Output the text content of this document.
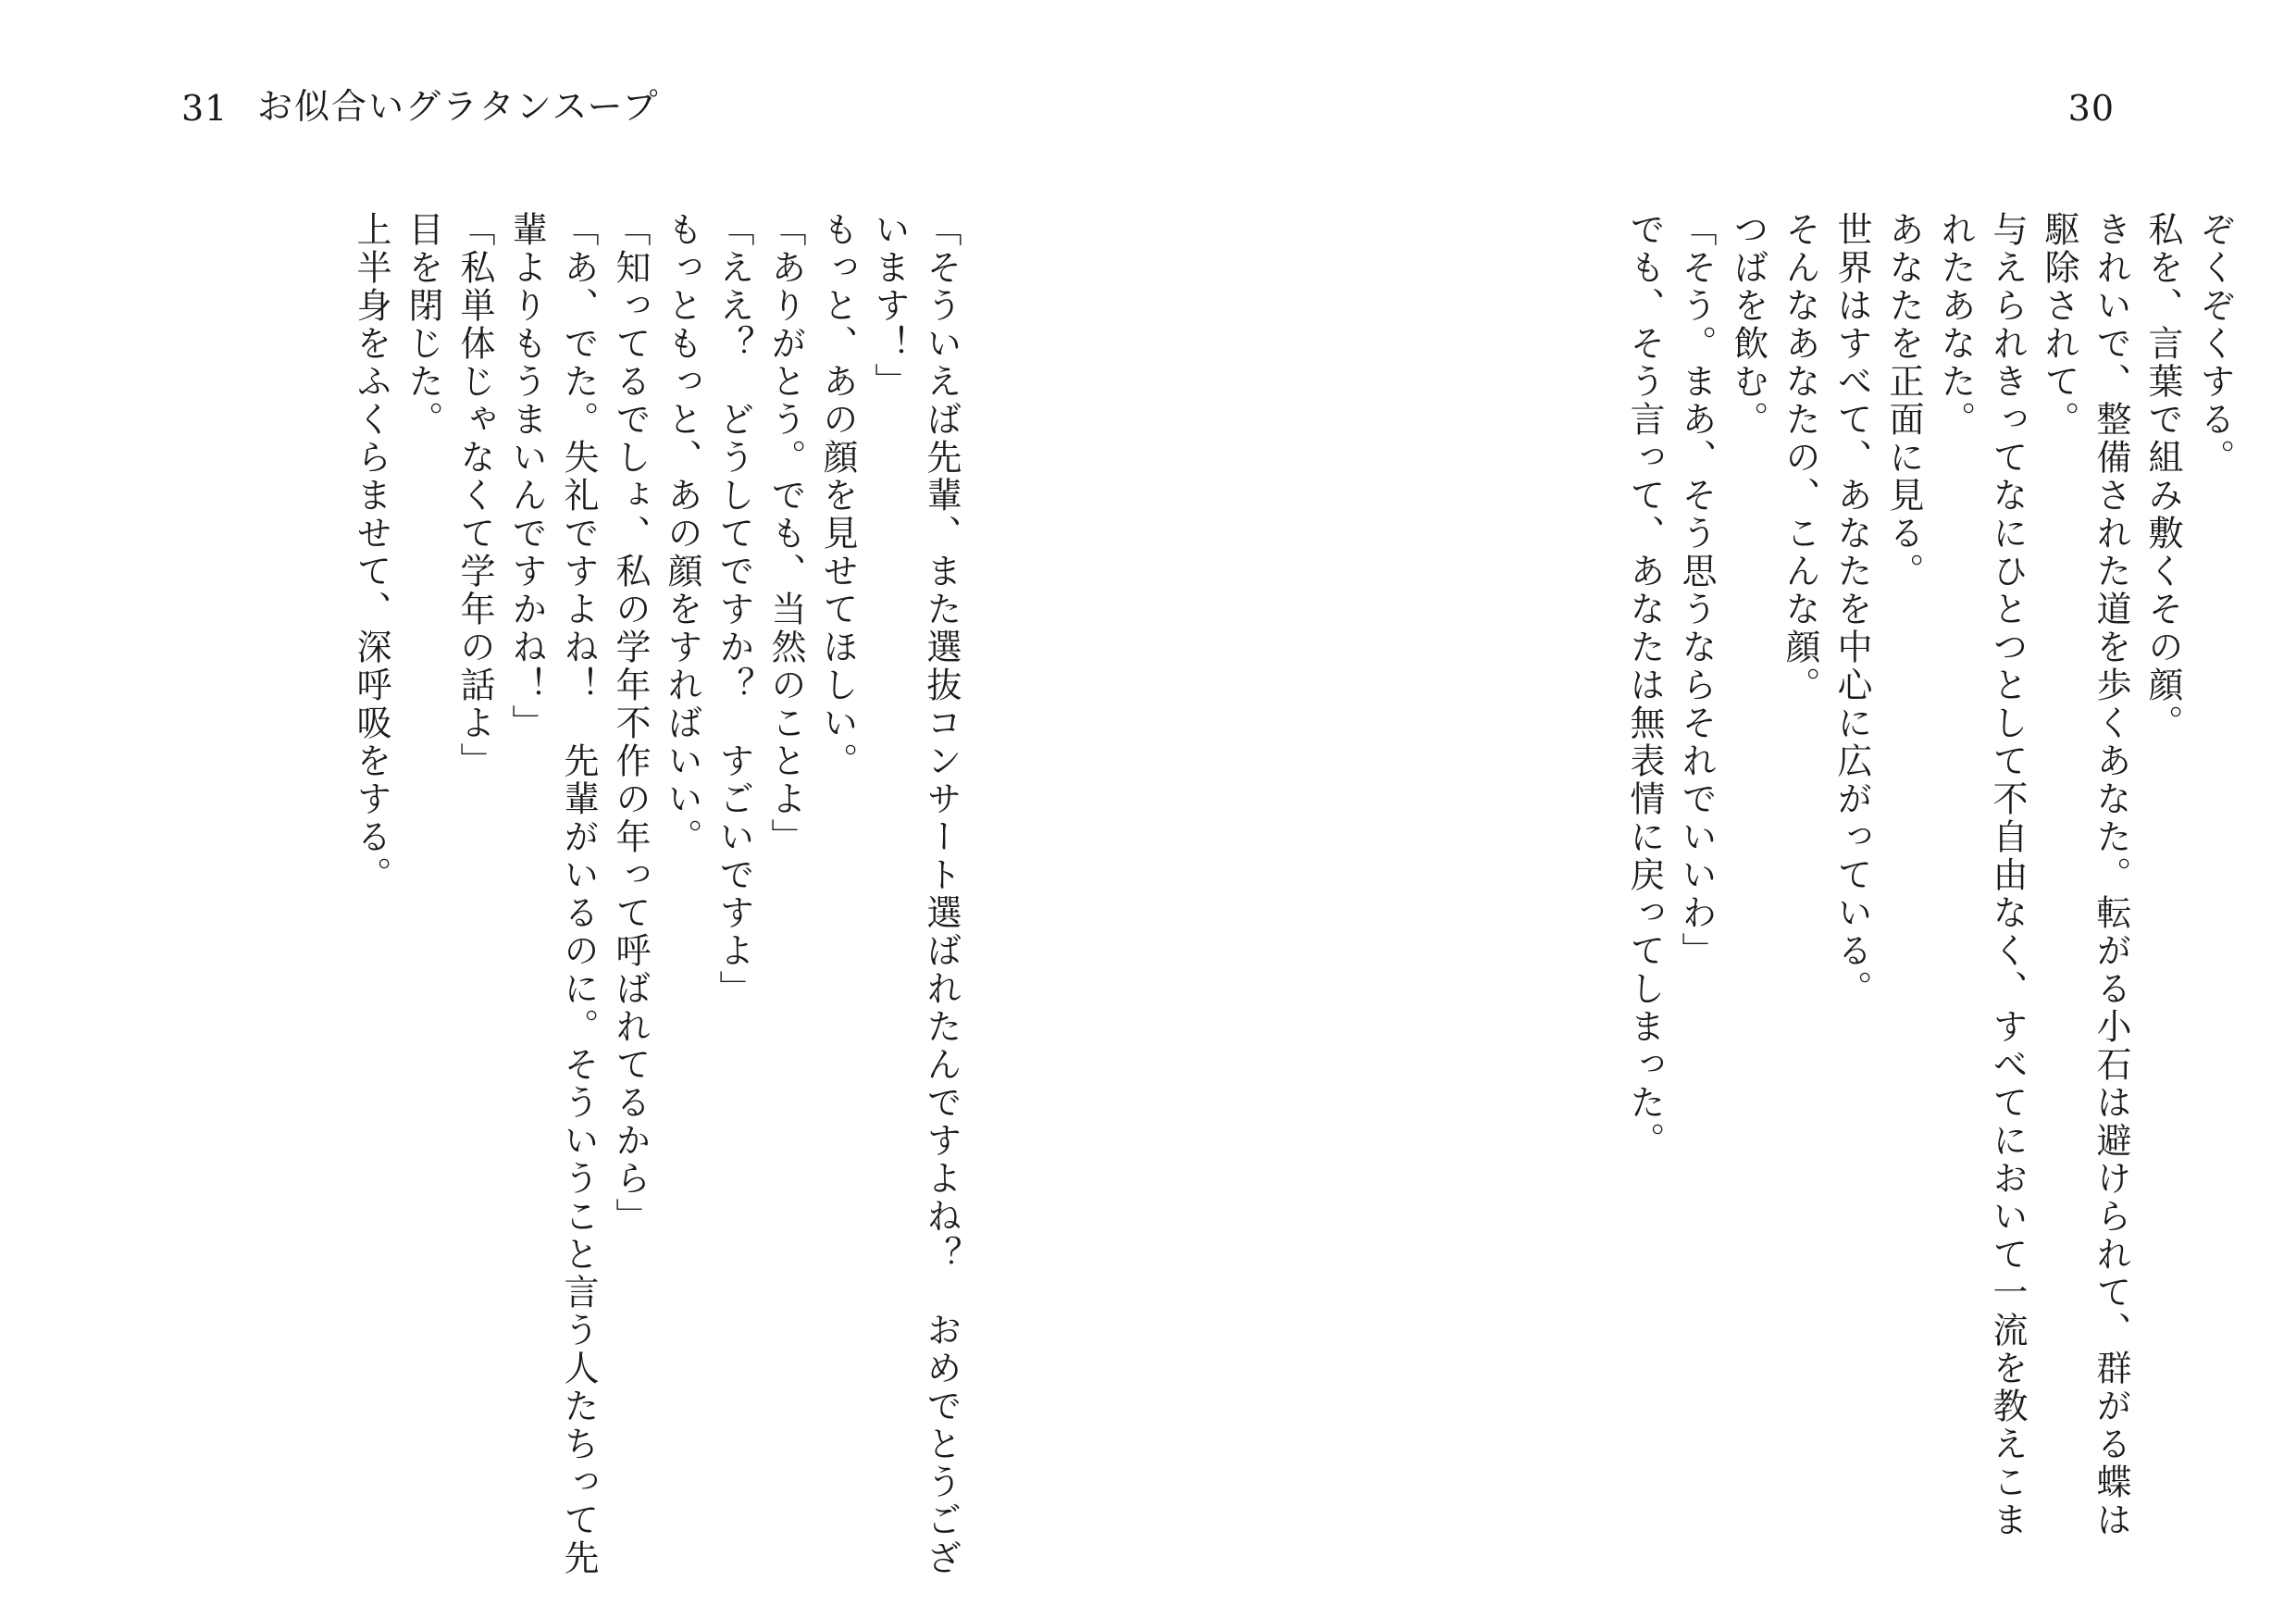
31 お似合いグラタンスープ
「そういえば先輩、また選抜コンサート選ばれたんですよね？　おめでとうござ
います！」
もっと、あの顔を見せてほしい。
「ありがとう。でも、当然のことよ」
「ええ？　どうしてですか？　すごいですよ」
もっともっと、あの顔をすればいい。
「知ってるでしょ、私の学年不作の年って呼ばれてるから」
「あ、でた。失礼ですよね！　先輩がいるのに。そういうこと言う人たちって先
輩よりもうまいんですかね！」
「私単体じゃなくて学年の話よ」
目を閉じた。
上半身をふくらませて、深呼吸をする。
30
ぞくぞくする。
私を、言葉で組み敷くその顔。
きれいで、整備された道を歩くあなた。転がる小石は避けられて、群がる蝶は
駆除されて。
与えられきってなにひとつとして不自由なく、すべてにおいて一流を教えこま
れたあなた。
あなたを正面に見る。
世界はすべて、あなたを中心に広がっている。
そんなあなたの、こんな顔。
つばを飲む。
「そう。まあ、そう思うならそれでいいわ」
でも、そう言って、あなたは無表情に戻ってしまった。
